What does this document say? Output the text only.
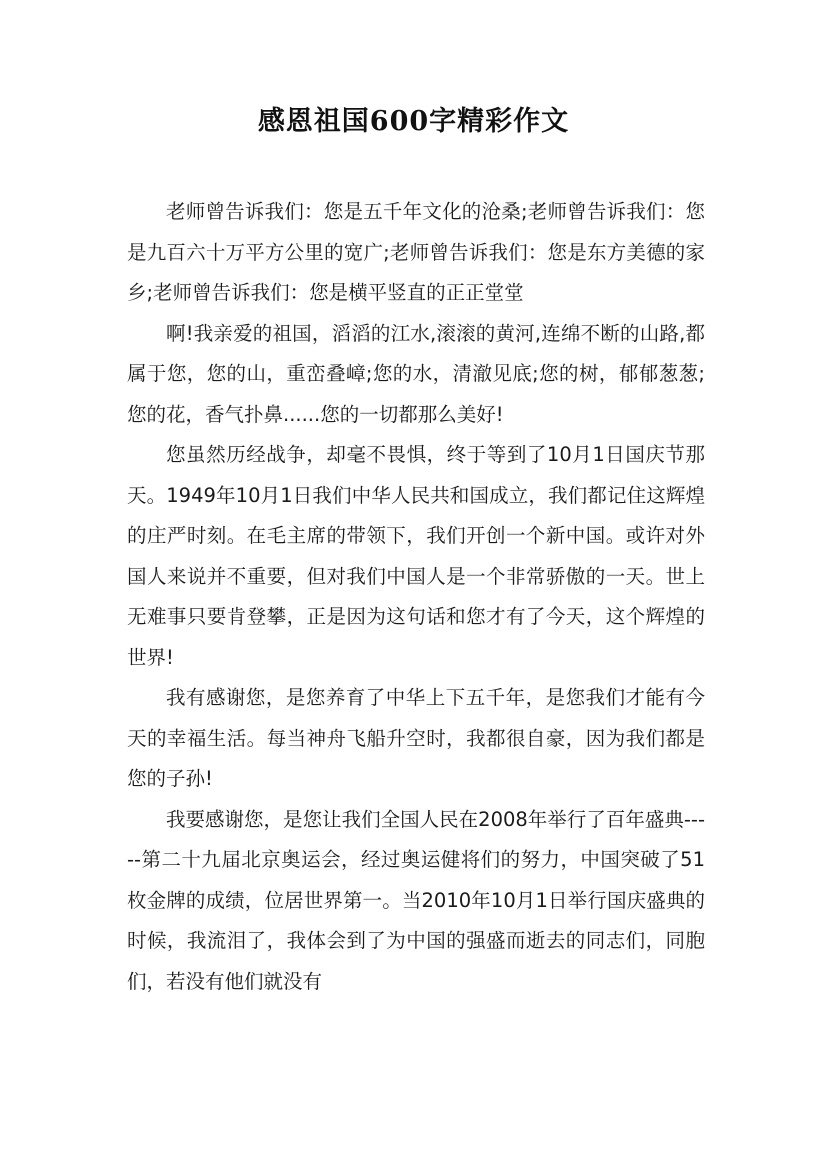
感恩祖国600字精彩作文

老师曾告诉我们：您是五千年文化的沧桑;老师曾告诉我们：您是九百六十万平方公里的宽广;老师曾告诉我们：您是东方美德的家乡;老师曾告诉我们：您是横平竖直的正正堂堂

啊!我亲爱的祖国，滔滔的江水,滚滚的黄河,连绵不断的山路,都属于您，您的山，重峦叠嶂;您的水，清澈见底;您的树，郁郁葱葱;您的花，香气扑鼻......您的一切都那么美好!

您虽然历经战争，却毫不畏惧，终于等到了10月1日国庆节那天。1949年10月1日我们中华人民共和国成立，我们都记住这辉煌的庄严时刻。在毛主席的带领下，我们开创一个新中国。或许对外国人来说并不重要，但对我们中国人是一个非常骄傲的一天。世上无难事只要肯登攀，正是因为这句话和您才有了今天，这个辉煌的世界!

我有感谢您，是您养育了中华上下五千年，是您我们才能有今天的幸福生活。每当神舟飞船升空时，我都很自豪，因为我们都是您的子孙!

我要感谢您，是您让我们全国人民在2008年举行了百年盛典-----第二十九届北京奥运会，经过奥运健将们的努力，中国突破了51枚金牌的成绩，位居世界第一。当2010年10月1日举行国庆盛典的时候，我流泪了，我体会到了为中国的强盛而逝去的同志们，同胞们，若没有他们就没有
